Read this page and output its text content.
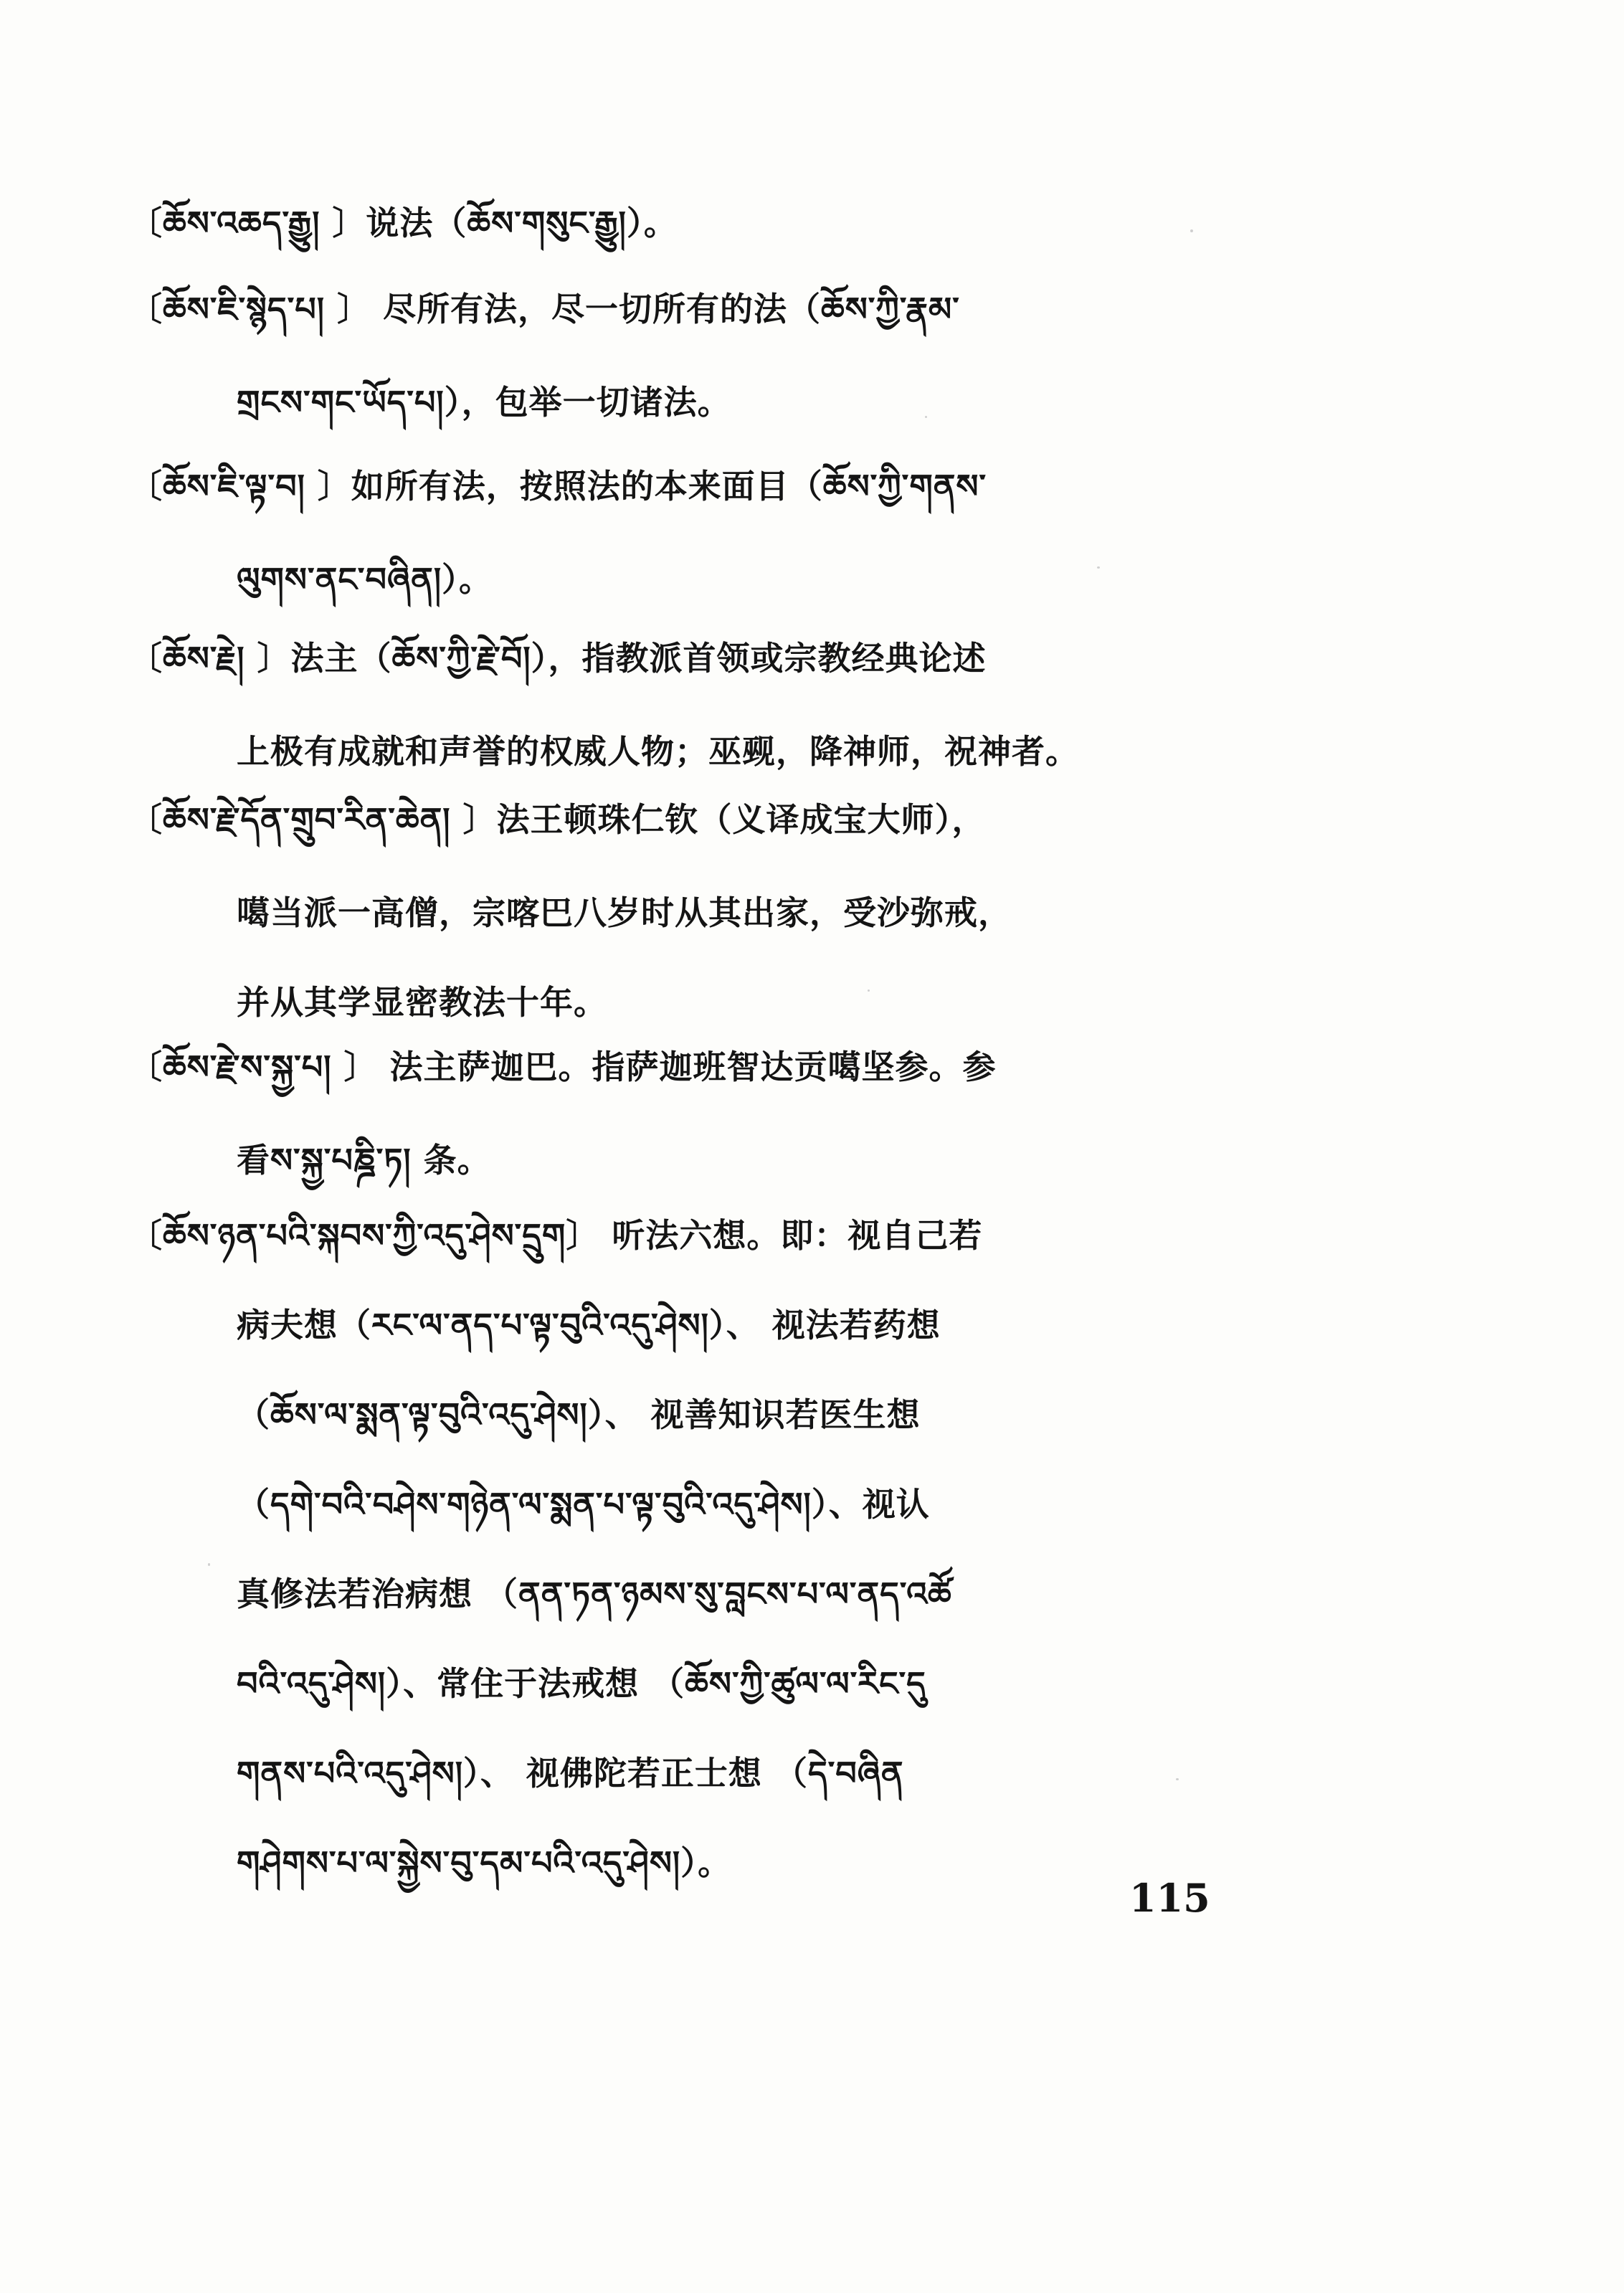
〔ཆོས་འཆད་རྒྱུ། 〕说法（ཆོས་གསུང་རྒྱུ།）。
〔ཆོས་ཇི་སྙེད་པ། 〕 尽所有法，尽一切所有的法（ཆོས་ཀྱི་རྣམ་
གྲངས་གང་ཡོད་པ།），包举一切诸法。
〔ཆོས་ཇི་ལྟ་བ། 〕如所有法，按照法的本来面目（ཆོས་ཀྱི་གནས་
ལུགས་ནང་བཞིན།）。
〔ཆོས་རྗེ། 〕法主（ཆོས་ཀྱི་རྗེ་བོ།），指教派首领或宗教经典论述
上极有成就和声誉的权威人物；巫觋，降神师，祝神者。
〔ཆོས་རྗེ་དོན་གྲུབ་རིན་ཆེན། 〕法王顿珠仁钦（义译成宝大师），
噶当派一高僧，宗喀巴八岁时从其出家，受沙弥戒，
并从其学显密教法十年。
〔ཆོས་རྗེ་ས་སྐྱ་པ། 〕 法主萨迦巴。指萨迦班智达贡噶坚参。参
看ས་སྐྱ་པཎྜི་ཏ། 条。
〔ཆོས་ཉན་པའི་སྐབས་ཀྱི་འདུ་ཤེས་དྲུག〕 听法六想。即：视自己若
病夫想（རང་ལ་ནད་པ་ལྟ་བུའི་འདུ་ཤེས།）、 视法若药想
（ཆོས་ལ་སྨན་ལྟ་བུའི་འདུ་ཤེས།）、 视善知识若医生想
（དགེ་བའི་བཤེས་གཉེན་ལ་སྨན་པ་ལྟ་བུའི་འདུ་ཤེས།）、视认
真修法若治病想 （ནན་ཏན་ཉམས་སུ་བླངས་པ་ལ་ནད་འཚོ
བའི་འདུ་ཤེས།）、常住于法戒想 （ཆོས་ཀྱི་ཚུལ་ལ་རིང་དུ
གནས་པའི་འདུ་ཤེས།）、 视佛陀若正士想 （དེ་བཞིན
གཤེགས་པ་ལ་སྐྱེས་བུ་དམ་པའི་འདུ་ཤེས།）。
115
